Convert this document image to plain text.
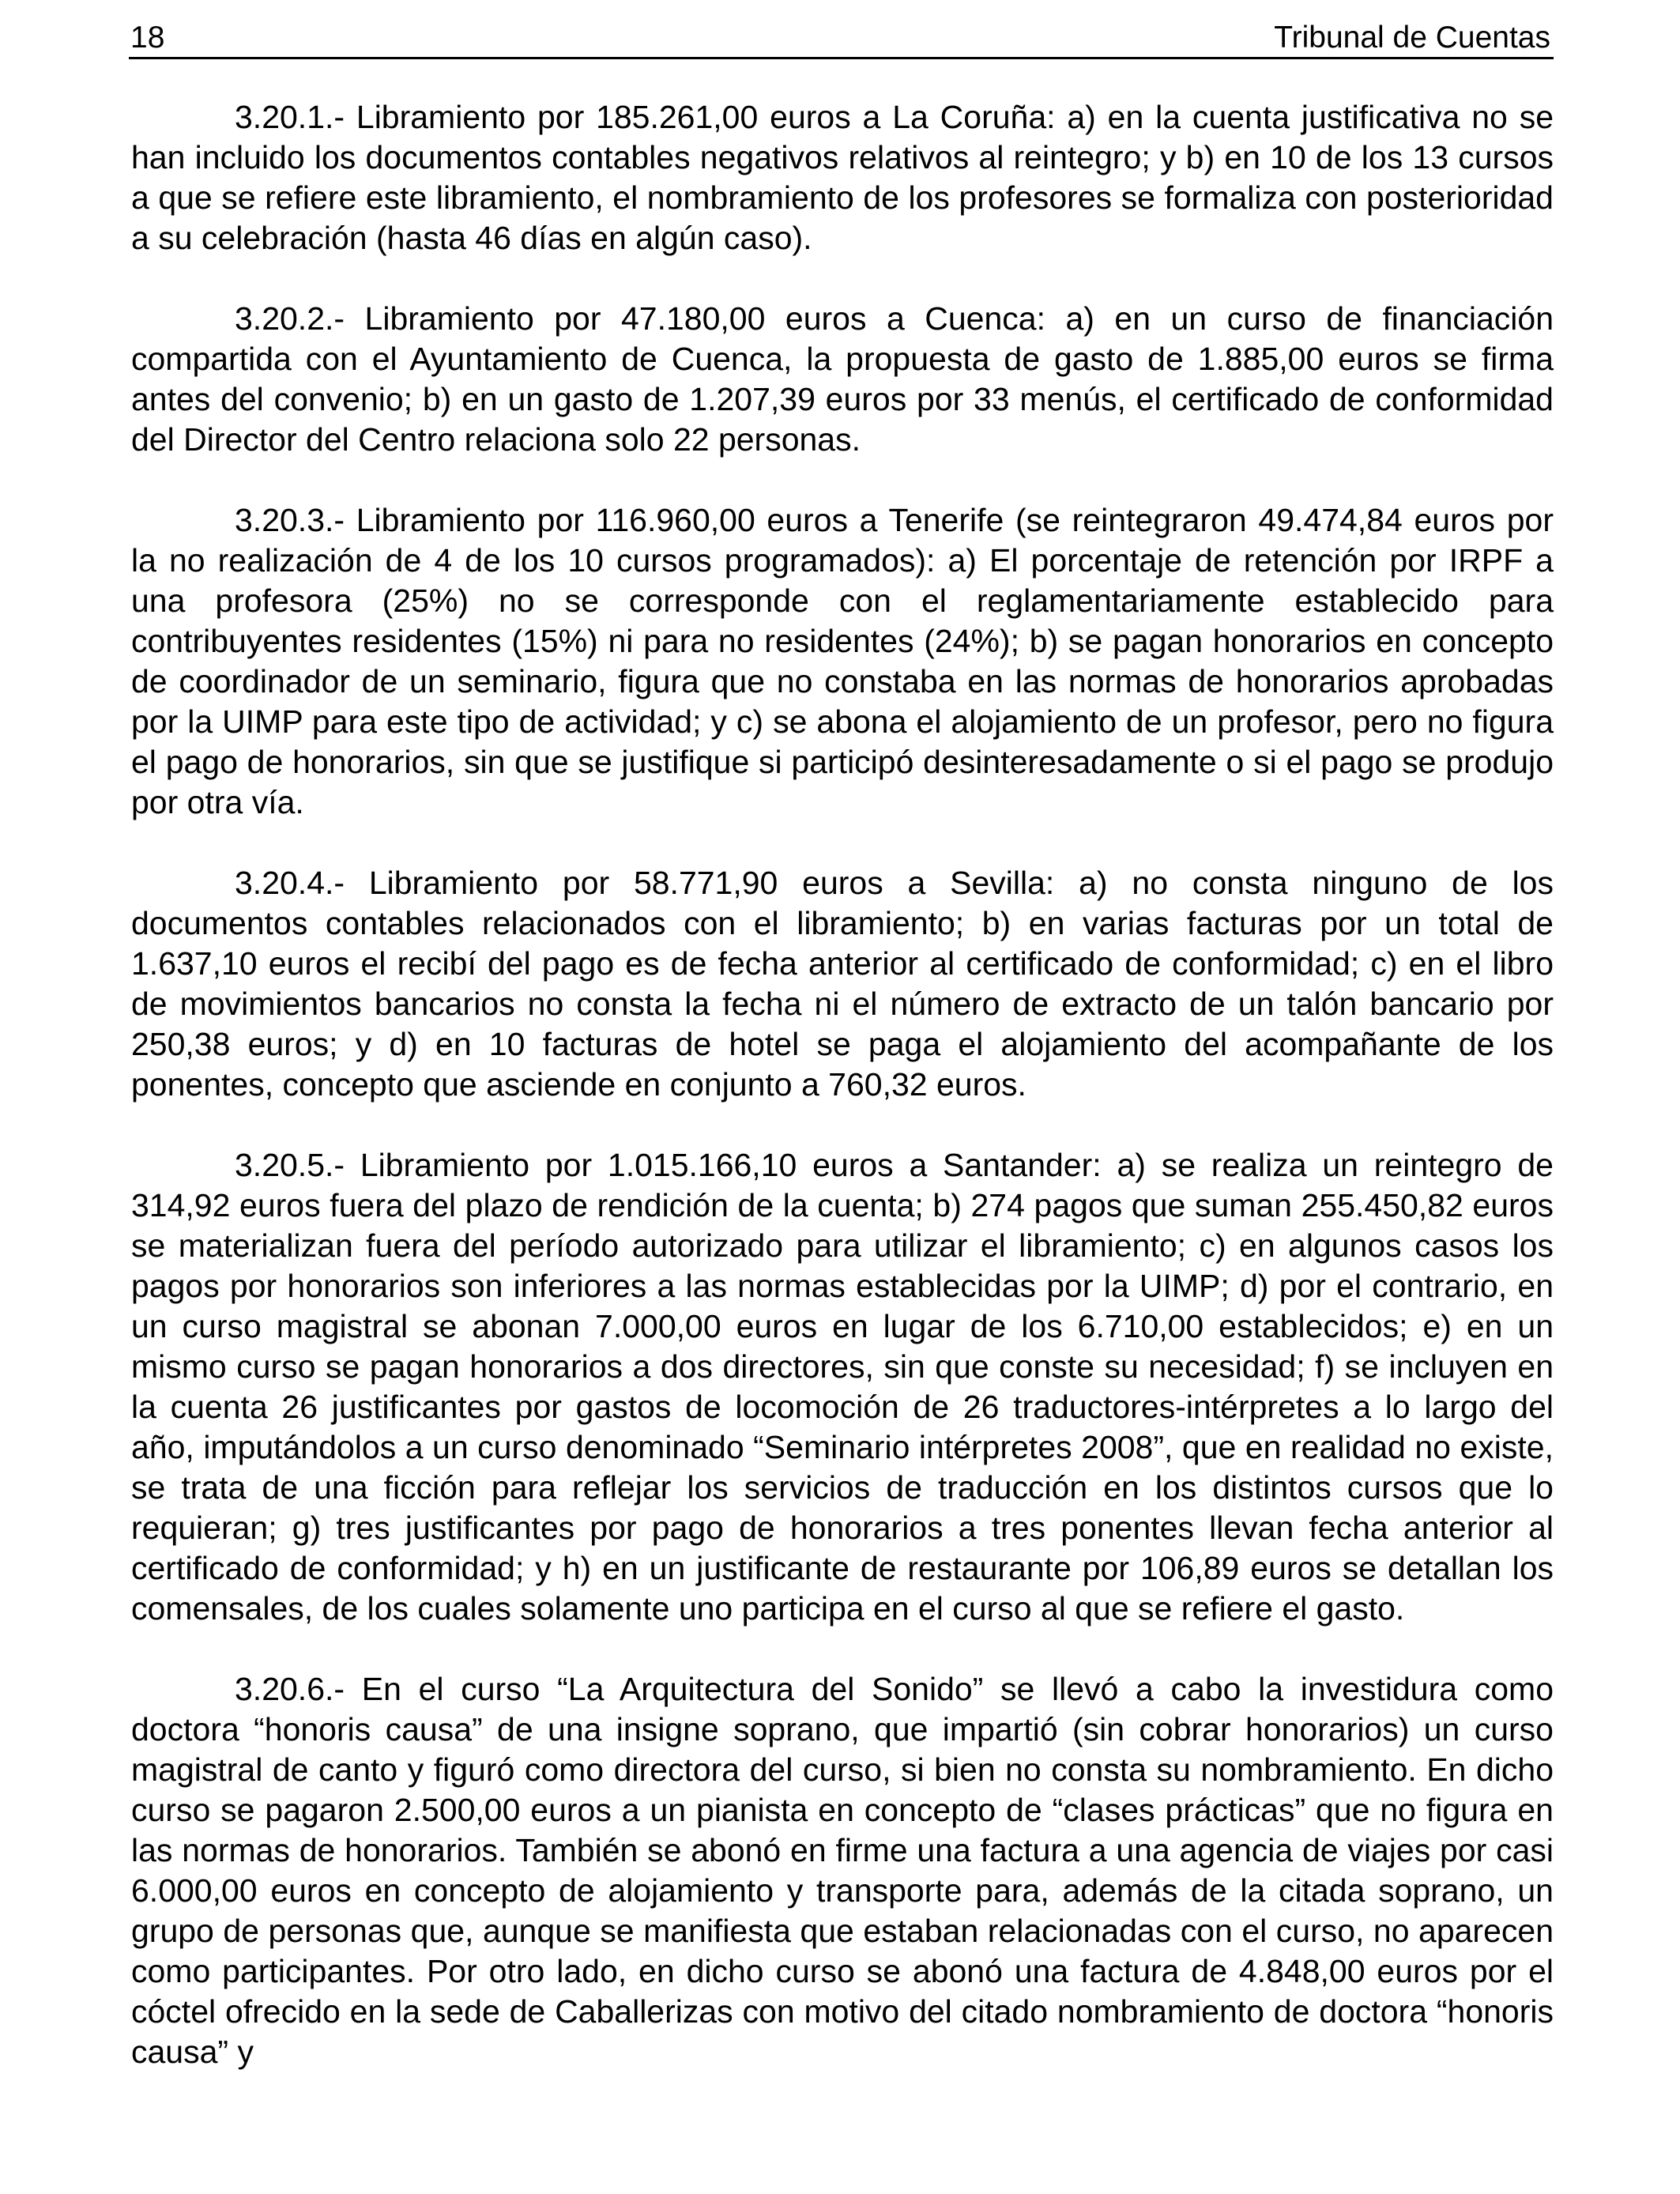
18	Tribunal de Cuentas

3.20.1.- Libramiento por 185.261,00 euros a La Coruña: a) en la cuenta justificativa no se han incluido los documentos contables negativos relativos al reintegro; y b) en 10 de los 13 cursos a que se refiere este libramiento, el nombramiento de los profesores se formaliza con posterioridad a su celebración (hasta 46 días en algún caso).

3.20.2.- Libramiento por 47.180,00 euros a Cuenca: a) en un curso de financiación compartida con el Ayuntamiento de Cuenca, la propuesta de gasto de 1.885,00 euros se firma antes del convenio; b) en un gasto de 1.207,39 euros por 33 menús, el certificado de conformidad del Director del Centro relaciona solo 22 personas.

3.20.3.- Libramiento por 116.960,00 euros a Tenerife (se reintegraron 49.474,84 euros por la no realización de 4 de los 10 cursos programados): a) El porcentaje de retención por IRPF a una profesora (25%) no se corresponde con el reglamentariamente establecido para contribuyentes residentes (15%) ni para no residentes (24%); b) se pagan honorarios en concepto de coordinador de un seminario, figura que no constaba en las normas de honorarios aprobadas por la UIMP para este tipo de actividad; y c) se abona el alojamiento de un profesor, pero no figura el pago de honorarios, sin que se justifique si participó desinteresadamente o si el pago se produjo por otra vía.

3.20.4.- Libramiento por 58.771,90 euros a Sevilla: a) no consta ninguno de los documentos contables relacionados con el libramiento; b) en varias facturas por un total de 1.637,10 euros el recibí del pago es de fecha anterior al certificado de conformidad; c) en el libro de movimientos bancarios no consta la fecha ni el número de extracto de un talón bancario por 250,38 euros; y d) en 10 facturas de hotel se paga el alojamiento del acompañante de los ponentes, concepto que asciende en conjunto a 760,32 euros.

3.20.5.- Libramiento por 1.015.166,10 euros a Santander: a) se realiza un reintegro de 314,92 euros fuera del plazo de rendición de la cuenta; b) 274 pagos que suman 255.450,82 euros se materializan fuera del período autorizado para utilizar el libramiento; c) en algunos casos los pagos por honorarios son inferiores a las normas establecidas por la UIMP; d) por el contrario, en un curso magistral se abonan 7.000,00 euros en lugar de los 6.710,00 establecidos; e) en un mismo curso se pagan honorarios a dos directores, sin que conste su necesidad; f) se incluyen en la cuenta 26 justificantes por gastos de locomoción de 26 traductores-intérpretes a lo largo del año, imputándolos a un curso denominado “Seminario intérpretes 2008”, que en realidad no existe, se trata de una ficción para reflejar los servicios de traducción en los distintos cursos que lo requieran; g) tres justificantes por pago de honorarios a tres ponentes llevan fecha anterior al certificado de conformidad; y h) en un justificante de restaurante por 106,89 euros se detallan los comensales, de los cuales solamente uno participa en el curso al que se refiere el gasto.

3.20.6.- En el curso “La Arquitectura del Sonido” se llevó a cabo la investidura como doctora “honoris causa” de una insigne soprano, que impartió (sin cobrar honorarios) un curso magistral de canto y figuró como directora del curso, si bien no consta su nombramiento. En dicho curso se pagaron 2.500,00 euros a un pianista en concepto de “clases prácticas” que no figura en las normas de honorarios. También se abonó en firme una factura a una agencia de viajes por casi 6.000,00 euros en concepto de alojamiento y transporte para, además de la citada soprano, un grupo de personas que, aunque se manifiesta que estaban relacionadas con el curso, no aparecen como participantes. Por otro lado, en dicho curso se abonó una factura de 4.848,00 euros por el cóctel ofrecido en la sede de Caballerizas con motivo del citado nombramiento de doctora “honoris causa” y
